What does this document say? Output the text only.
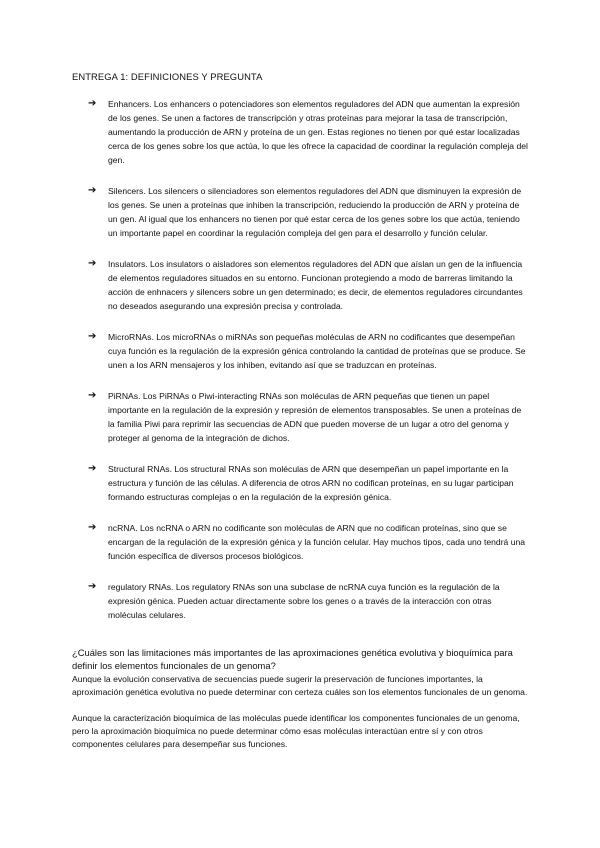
ENTREGA 1: DEFINICIONES Y PREGUNTA
➔ Enhancers. Los enhancers o potenciadores son elementos reguladores del ADN que aumentan la expresión de los genes. Se unen a factores de transcripción y otras proteínas para mejorar la tasa de transcripción, aumentando la producción de ARN y proteína de un gen. Estas regiones no tienen por qué estar localizadas cerca de los genes sobre los que actúa, lo que les ofrece la capacidad de coordinar la regulación compleja del gen.
➔ Silencers. Los silencers o silenciadores son elementos reguladores del ADN que disminuyen la expresión de los genes. Se unen a proteínas que inhiben la transcripción, reduciendo la producción de ARN y proteína de un gen. Al igual que los enhancers no tienen por qué estar cerca de los genes sobre los que actúa, teniendo un importante papel en coordinar la regulación compleja del gen para el desarrollo y función celular.
➔ Insulators. Los insulators o aisladores son elementos reguladores del ADN que aíslan un gen de la influencia de elementos reguladores situados en su entorno. Funcionan protegiendo a modo de barreras limitando la acción de enhnacers y silencers sobre un gen determinado; es decir, de elementos reguladores circundantes no deseados asegurando una expresión precisa y controlada.
➔ MicroRNAs. Los microRNAs o miRNAs son pequeñas moléculas de ARN no codificantes que desempeñan cuya función es la regulación de la expresión génica controlando la cantidad de proteínas que se produce. Se unen a los ARN mensajeros y los inhiben, evitando así que se traduzcan en proteínas.
➔ PiRNAs. Los PiRNAs o Piwi-interacting RNAs son moléculas de ARN pequeñas que tienen un papel importante en la regulación de la expresión y represión de elementos transposables. Se unen a proteínas de la familia Piwi para reprimir las secuencias de ADN que pueden moverse de un lugar a otro del genoma y proteger al genoma de la integración de dichos.
➔ Structural RNAs. Los structural RNAs son moléculas de ARN que desempeñan un papel importante en la estructura y función de las células. A diferencia de otros ARN no codifican proteínas, en su lugar participan formando estructuras complejas o en la regulación de la expresión génica.
➔ ncRNA. Los ncRNA o ARN no codificante son moléculas de ARN que no codifican proteínas, sino que se encargan de la regulación de la expresión génica y la función celular. Hay muchos tipos, cada uno tendrá una función específica de diversos procesos biológicos.
➔ regulatory RNAs. Los regulatory RNAs son una subclase de ncRNA cuya función es la regulación de la expresión génica. Pueden actuar directamente sobre los genes o a través de la interacción con otras moléculas celulares.
¿Cuáles son las limitaciones más importantes de las aproximaciones genética evolutiva y bioquímica para definir los elementos funcionales de un genoma?
Aunque la evolución conservativa de secuencias puede sugerir la preservación de funciones importantes, la aproximación genética evolutiva no puede determinar con certeza cuáles son los elementos funcionales de un genoma.
Aunque la caracterización bioquímica de las moléculas puede identificar los componentes funcionales de un genoma, pero la aproximación bioquímica no puede determinar cómo esas moléculas interactúan entre sí y con otros componentes celulares para desempeñar sus funciones.
